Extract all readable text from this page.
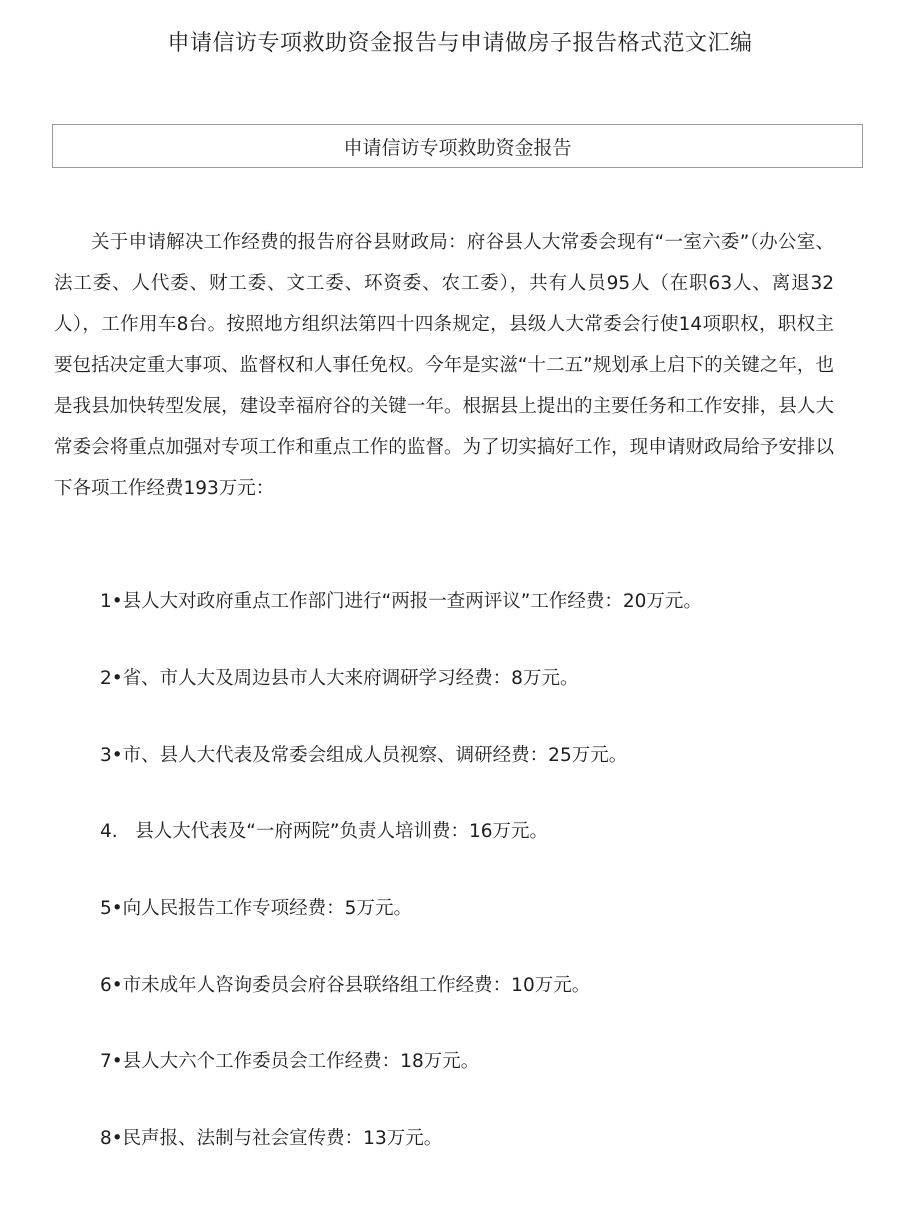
申请信访专项救助资金报告与申请做房子报告格式范文汇编
申请信访专项救助资金报告

关于申请解决工作经费的报告府谷县财政局：府谷县人大常委会现有“一室六委”（办公室、法工委、人代委、财工委、文工委、环资委、农工委），共有人员95人（在职63人、离退32人），工作用车8台。按照地方组织法第四十四条规定，县级人大常委会行使14项职权，职权主要包括决定重大事项、监督权和人事任免权。今年是实滋“十二五”规划承上启下的关键之年，也是我县加快转型发展，建设幸福府谷的关键一年。根据县上提出的主要任务和工作安排，县人大常委会将重点加强对专项工作和重点工作的监督。为了切实搞好工作，现申请财政局给予安排以下各项工作经费193万元：

1•县人大对政府重点工作部门进行“两报一查两评议”工作经费：20万元。
2•省、市人大及周边县市人大来府调研学习经费：8万元。
3•市、县人大代表及常委会组成人员视察、调研经费：25万元。
4.   县人大代表及“一府两院”负责人培训费：16万元。
5•向人民报告工作专项经费：5万元。
6•市未成年人咨询委员会府谷县联络组工作经费：10万元。
7•县人大六个工作委员会工作经费：18万元。
8•民声报、法制与社会宣传费：13万元。
